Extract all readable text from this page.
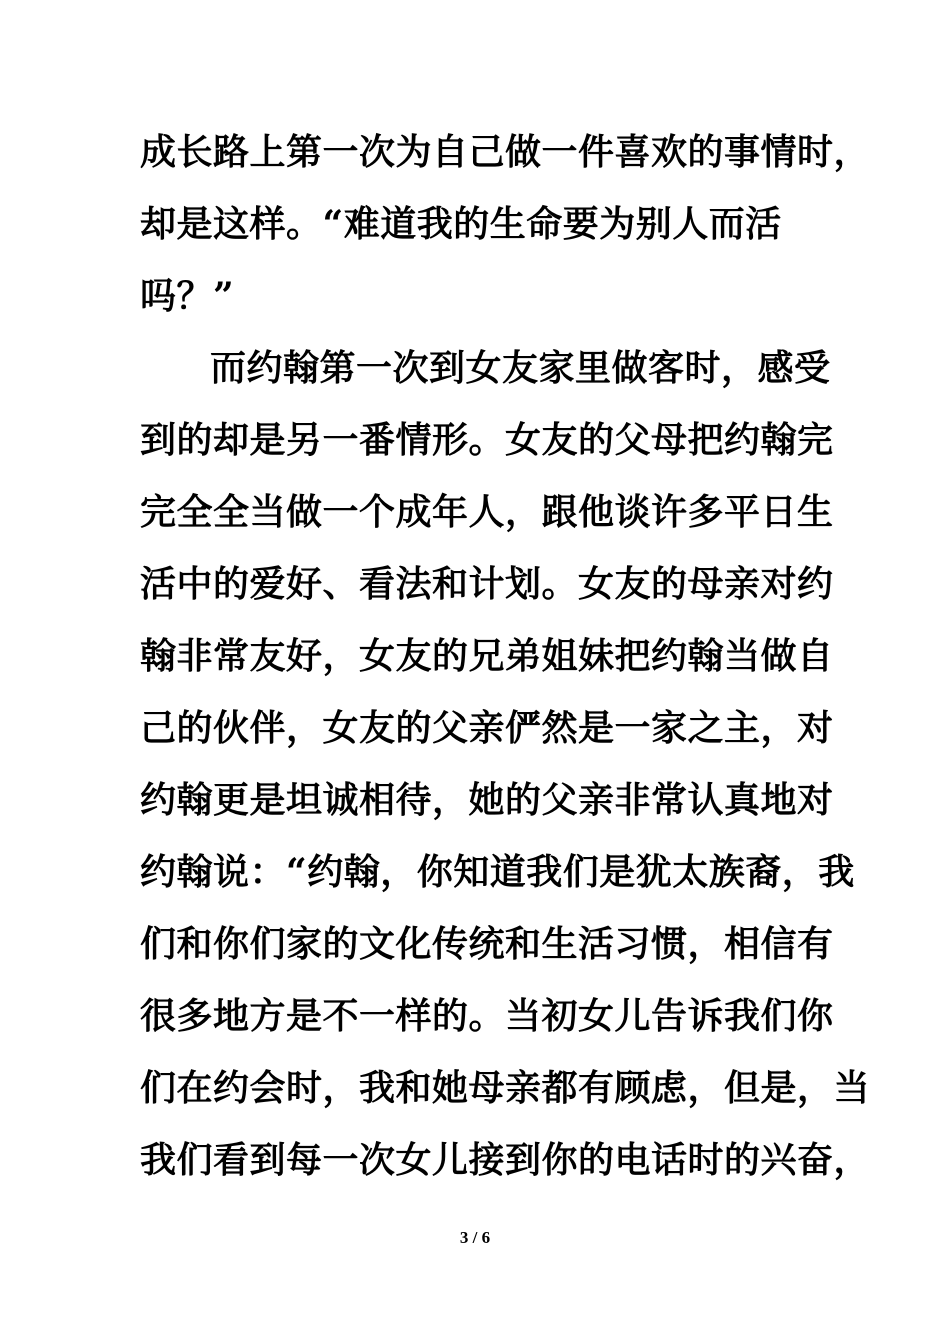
成长路上第一次为自己做一件喜欢的事情时，
却是这样。“难道我的生命要为别人而活
吗？”
而约翰第一次到女友家里做客时，感受
到的却是另一番情形。女友的父母把约翰完
完全全当做一个成年人，跟他谈许多平日生
活中的爱好、看法和计划。女友的母亲对约
翰非常友好，女友的兄弟姐妹把约翰当做自
己的伙伴，女友的父亲俨然是一家之主，对
约翰更是坦诚相待，她的父亲非常认真地对
约翰说：“约翰，你知道我们是犹太族裔，我
们和你们家的文化传统和生活习惯，相信有
很多地方是不一样的。当初女儿告诉我们你
们在约会时，我和她母亲都有顾虑，但是，当
我们看到每一次女儿接到你的电话时的兴奋，
3 / 6
